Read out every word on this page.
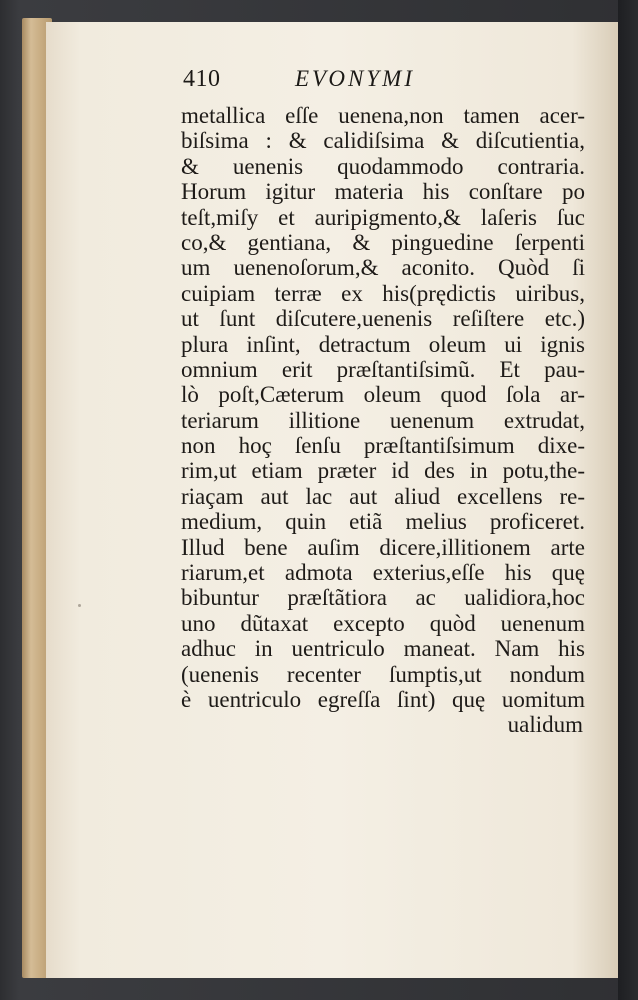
410	EVONYMI
metallica eſſe uenena,non tamen acer-
biſsima : & calidiſsima & diſcutientia,
& uenenis quodammodo contraria.
Horum igitur materia his conſtare po
teſt,miſy et auripigmento,& laſeris ſuc
co,& gentiana, & pinguedine ſerpenti
um uenenoſorum,& aconito. Quòd ſi
cuipiam terræ ex his(prędictis uiribus,
ut ſunt diſcutere,uenenis reſiſtere etc.)
plura inſint, detractum oleum ui ignis
omnium erit præſtantiſsimũ. Et pau-
lò poſt,Cæterum oleum quod ſola ar-
teriarum illitione uenenum extrudat,
non hoç ſenſu præſtantiſsimum dixe-
rim,ut etiam præter id des in potu,the-
riaçam aut lac aut aliud excellens re-
medium, quin etiã melius proficeret.
Illud bene auſim dicere,illitionem arte
riarum,et admota exterius,eſſe his quę
bibuntur præſtãtiora ac ualidiora,hoc
uno dũtaxat excepto quòd uenenum
adhuc in uentriculo maneat. Nam his
(uenenis recenter ſumptis,ut nondum
è uentriculo egreſſa ſint) quę uomitum
ualidum
